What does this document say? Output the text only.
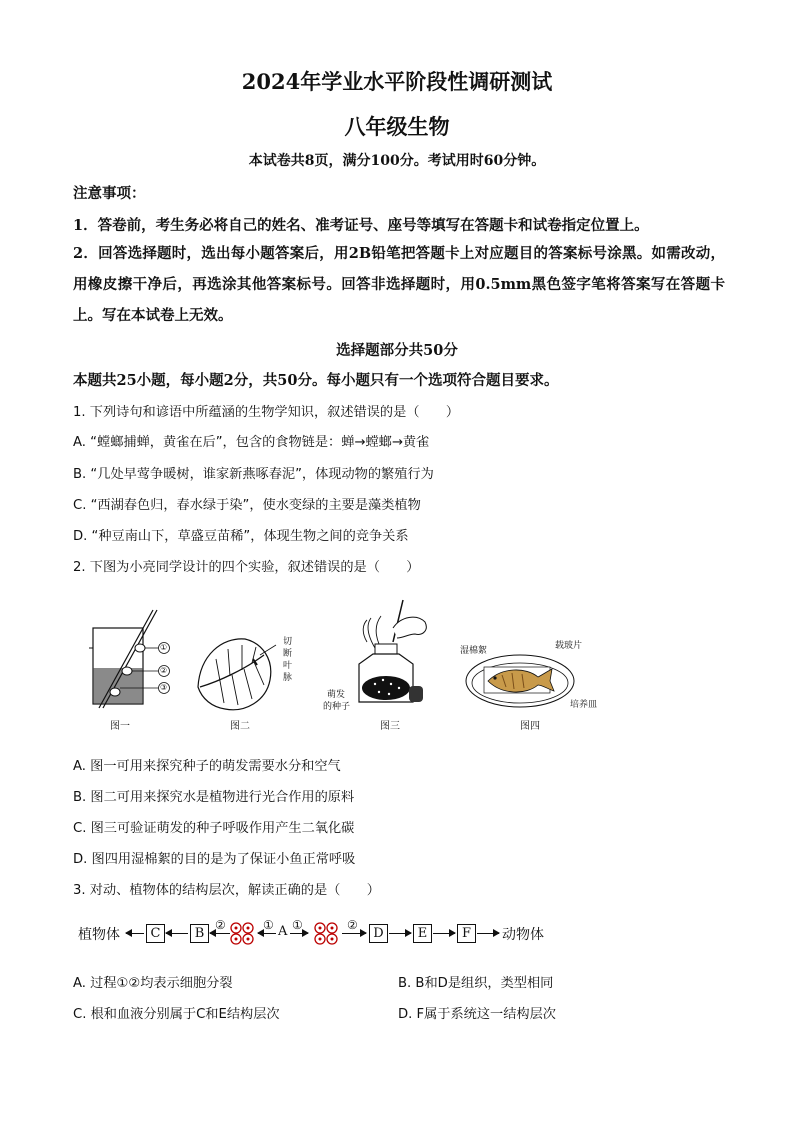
2024年学业水平阶段性调研测试
八年级生物
本试卷共8页，满分100分。考试用时60分钟。
注意事项：
1．答卷前，考生务必将自己的姓名、准考证号、座号等填写在答题卡和试卷指定位置上。
2．回答选择题时，选出每小题答案后，用2B铅笔把答题卡上对应题目的答案标号涂黑。如需改动，用橡皮擦干净后，再选涂其他答案标号。回答非选择题时，用0.5mm黑色签字笔将答案写在答题卡上。写在本试卷上无效。
选择题部分共50分
本题共25小题，每小题2分，共50分。每小题只有一个选项符合题目要求。
1. 下列诗句和谚语中所蕴涵的生物学知识，叙述错误的是（　　）
A. “螳螂捕蝉，黄雀在后”，包含的食物链是：蝉→螳螂→黄雀
B. “几处早莺争暖树，谁家新燕啄春泥”，体现动物的繁殖行为
C. “西湖春色归，春水绿于染”，使水变绿的主要是藻类植物
D. “种豆南山下，草盛豆苗稀”，体现生物之间的竞争关系
2. 下图为小亮同学设计的四个实验，叙述错误的是（　　）
①
②
③
图一
切断叶脉
图二
萌发
的种子
图三
湿棉絮	载玻片
培养皿
图四
A. 图一可用来探究种子的萌发需要水分和空气
B. 图二可用来探究水是植物进行光合作用的原料
C. 图三可验证萌发的种子呼吸作用产生二氧化碳
D. 图四用湿棉絮的目的是为了保证小鱼正常呼吸
3. 对动、植物体的结构层次，解读正确的是（　　）
植物体	C	B
②	① A ①	②
D	E	F	动物体
A. 过程①②均表示细胞分裂	B. B和D是组织，类型相同
C. 根和血液分别属于C和E结构层次	D. F属于系统这一结构层次
